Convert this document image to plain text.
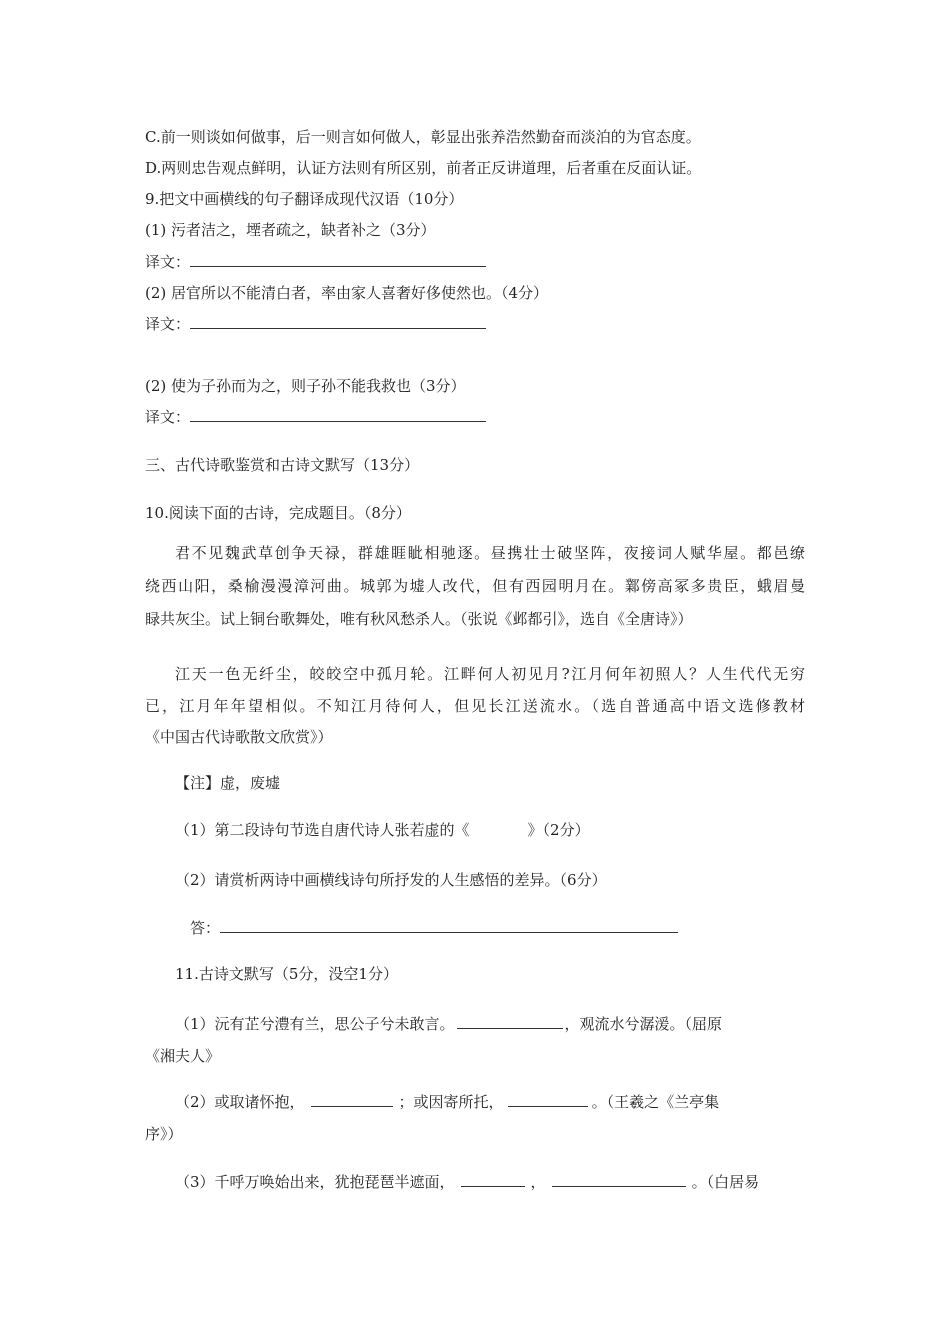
C.前一则谈如何做事，后一则言如何做人，彰显出张养浩然勤奋而淡泊的为官态度。
D.两则忠告观点鲜明，认证方法则有所区别，前者正反讲道理，后者重在反面认证。
9.把文中画横线的句子翻译成现代汉语（10分）
(1) 污者洁之，堙者疏之，缺者补之（3分）
译文：
(2) 居官所以不能清白者，率由家人喜奢好侈使然也。（4分）
译文：
(2) 使为子孙而为之，则子孙不能我救也（3分）
译文：
三、古代诗歌鉴赏和古诗文默写（13分）
10.阅读下面的古诗，完成题目。（8分）
君不见魏武草创争天禄，群雄睚眦相驰逐。昼携壮士破坚阵，夜接词人赋华屋。都邑缭
绕西山阳，桑榆漫漫漳河曲。城郭为墟人改代，但有西园明月在。鄴傍高冢多贵臣，蛾眉曼
睩共灰尘。试上铜台歌舞处，唯有秋风愁杀人。（张说《邺都引》，选自《全唐诗》）
江天一色无纤尘，皎皎空中孤月轮。江畔何人初见月?江月何年初照人？人生代代无穷
已，江月年年望相似。不知江月待何人，但见长江送流水。（选自普通高中语文选修教材
《中国古代诗歌散文欣赏》）
【注】虚，废墟
（1）第二段诗句节选自唐代诗人张若虚的《	》（2分）
（2）请赏析两诗中画横线诗句所抒发的人生感悟的差异。（6分）
答：
11.古诗文默写（5分，没空1分）
（1）沅有芷兮澧有兰，思公子兮未敢言。	，观流水兮潺湲。（屈原
《湘夫人》
（2）或取诸怀抱，	；或因寄所托，	。（王羲之《兰亭集
序》）
（3）千呼万唤始出来，犹抱琵琶半遮面，	，	。（白居易
